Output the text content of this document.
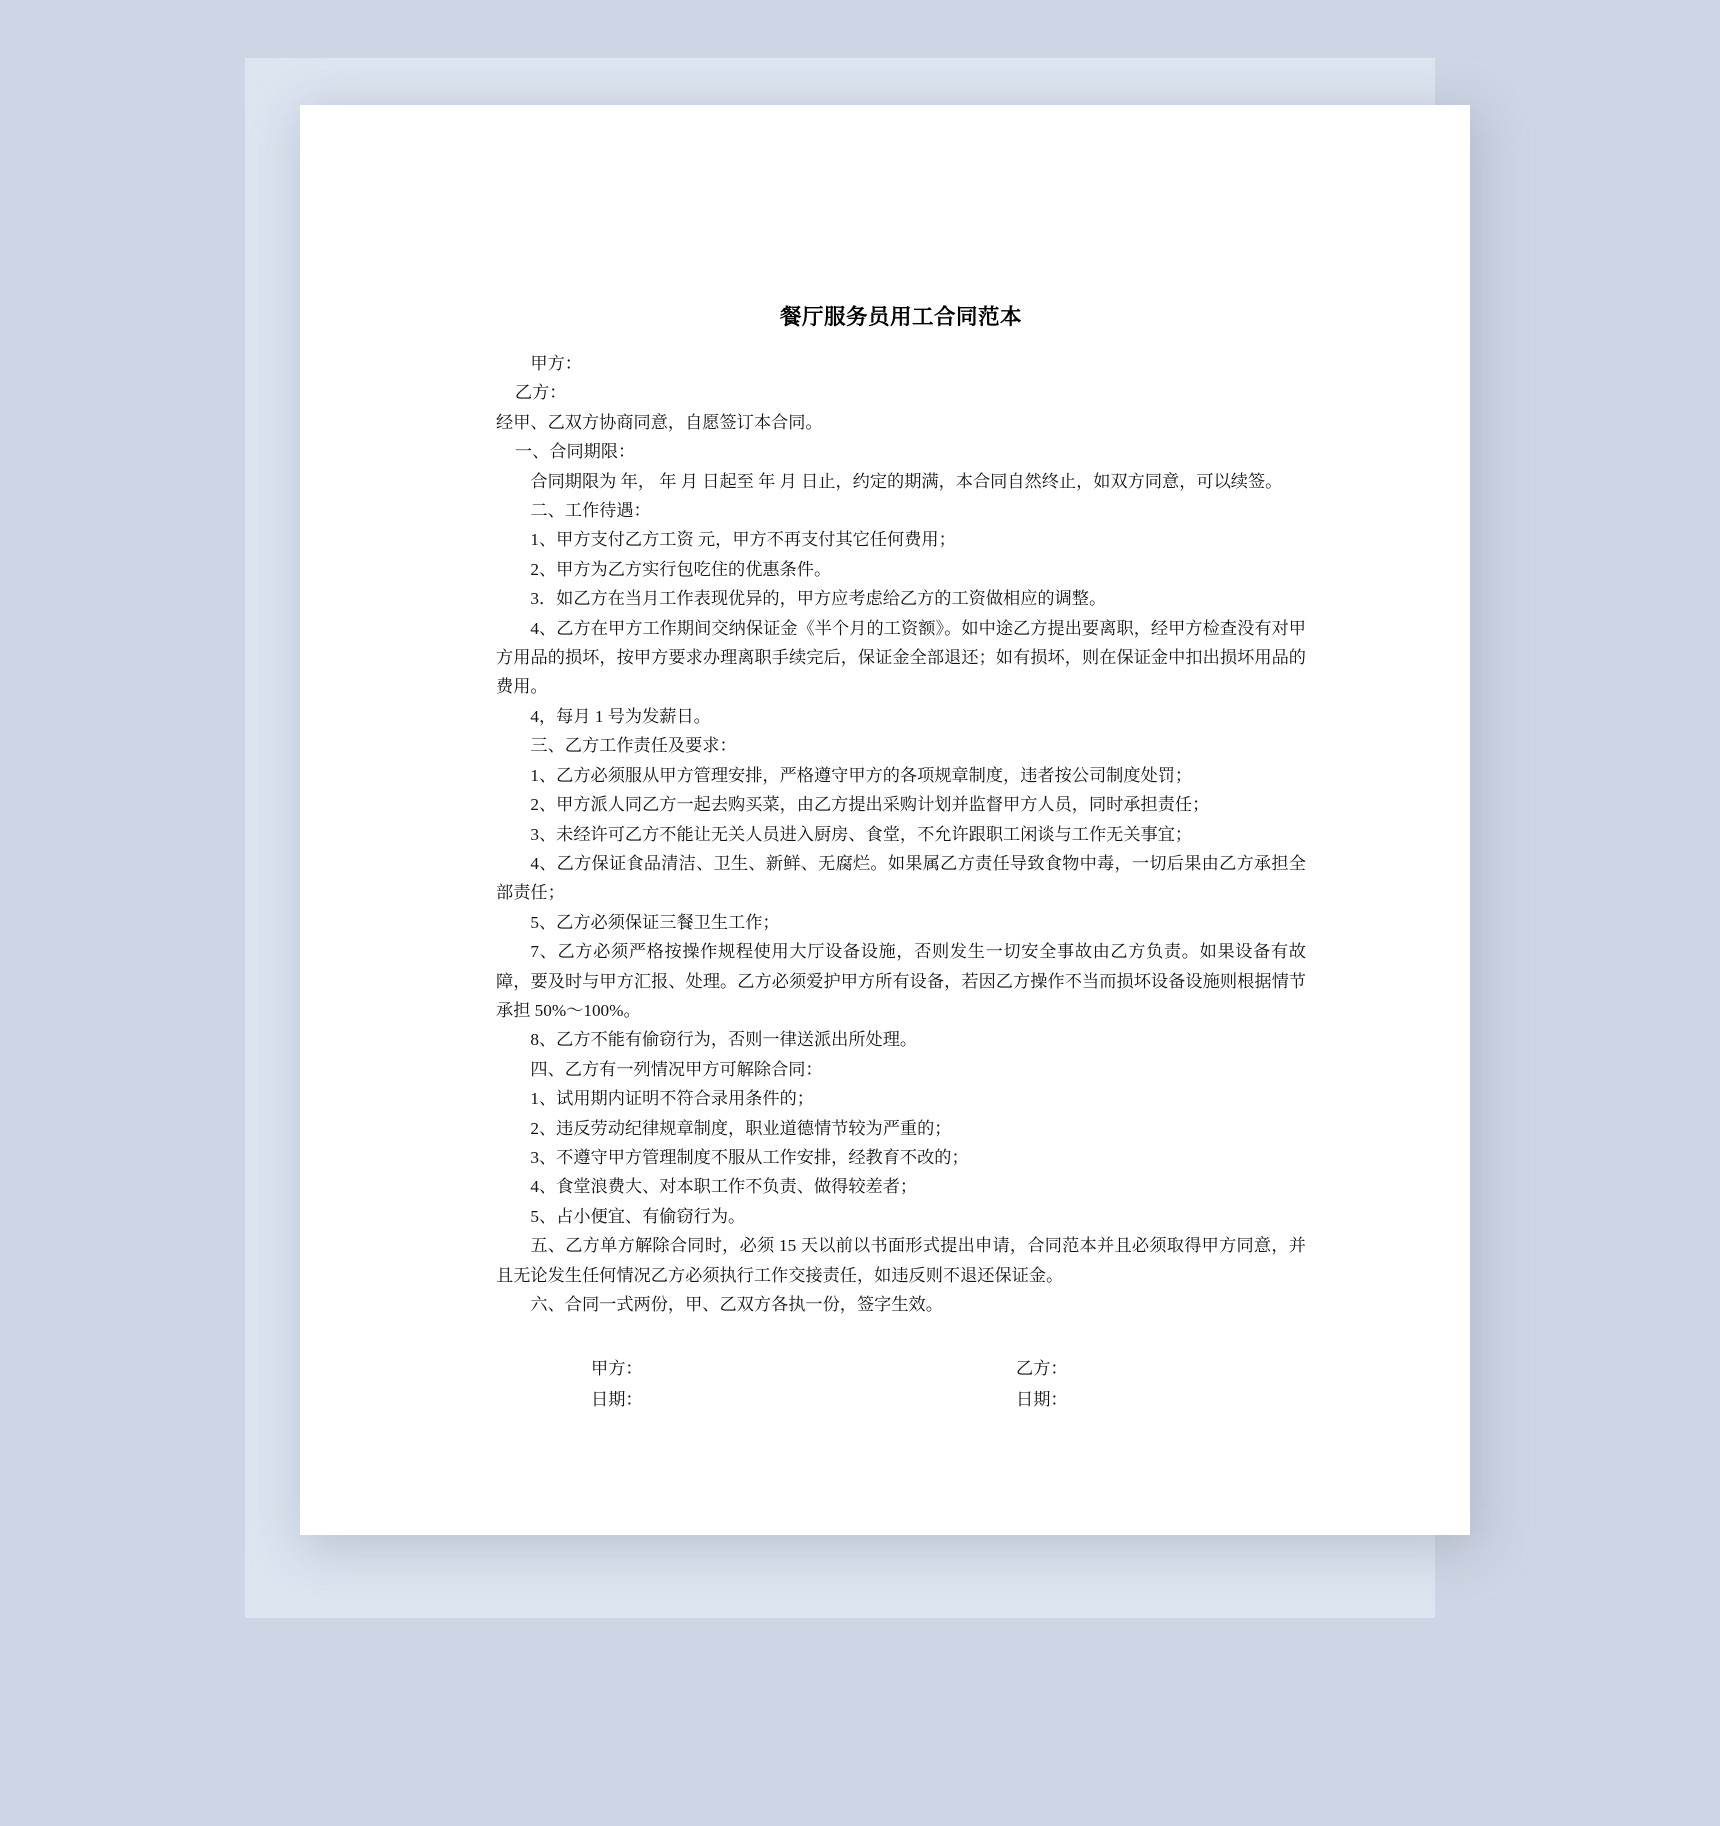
餐厅服务员用工合同范本

甲方：

乙方：

经甲、乙双方协商同意，自愿签订本合同。

一、合同期限：

合同期限为 年， 年 月 日起至 年 月 日止，约定的期满，本合同自然终止，如双方同意，可以续签。

二、工作待遇：

1、甲方支付乙方工资 元，甲方不再支付其它任何费用；

2、甲方为乙方实行包吃住的优惠条件。

3．如乙方在当月工作表现优异的，甲方应考虑给乙方的工资做相应的调整。

4、乙方在甲方工作期间交纳保证金《半个月的工资额》。如中途乙方提出要离职，经甲方检查没有对甲方用品的损坏，按甲方要求办理离职手续完后，保证金全部退还；如有损坏，则在保证金中扣出损坏用品的费用。

4，每月 1 号为发薪日。

三、乙方工作责任及要求：

1、乙方必须服从甲方管理安排，严格遵守甲方的各项规章制度，违者按公司制度处罚；

2、甲方派人同乙方一起去购买菜，由乙方提出采购计划并监督甲方人员，同时承担责任；

3、未经许可乙方不能让无关人员进入厨房、食堂，不允许跟职工闲谈与工作无关事宜；

4、乙方保证食品清洁、卫生、新鲜、无腐烂。如果属乙方责任导致食物中毒，一切后果由乙方承担全部责任；

5、乙方必须保证三餐卫生工作；

7、乙方必须严格按操作规程使用大厅设备设施，否则发生一切安全事故由乙方负责。如果设备有故障，要及时与甲方汇报、处理。乙方必须爱护甲方所有设备，若因乙方操作不当而损坏设备设施则根据情节承担 50%～100%。

8、乙方不能有偷窃行为，否则一律送派出所处理。

四、乙方有一列情况甲方可解除合同：

1、试用期内证明不符合录用条件的；

2、违反劳动纪律规章制度，职业道德情节较为严重的；

3、不遵守甲方管理制度不服从工作安排，经教育不改的；

4、食堂浪费大、对本职工作不负责、做得较差者；

5、占小便宜、有偷窃行为。

五、乙方单方解除合同时，必须 15 天以前以书面形式提出申请，合同范本并且必须取得甲方同意，并且无论发生任何情况乙方必须执行工作交接责任，如违反则不退还保证金。

六、合同一式两份，甲、乙双方各执一份，签字生效。

甲方：
日期：
乙方：
日期：
